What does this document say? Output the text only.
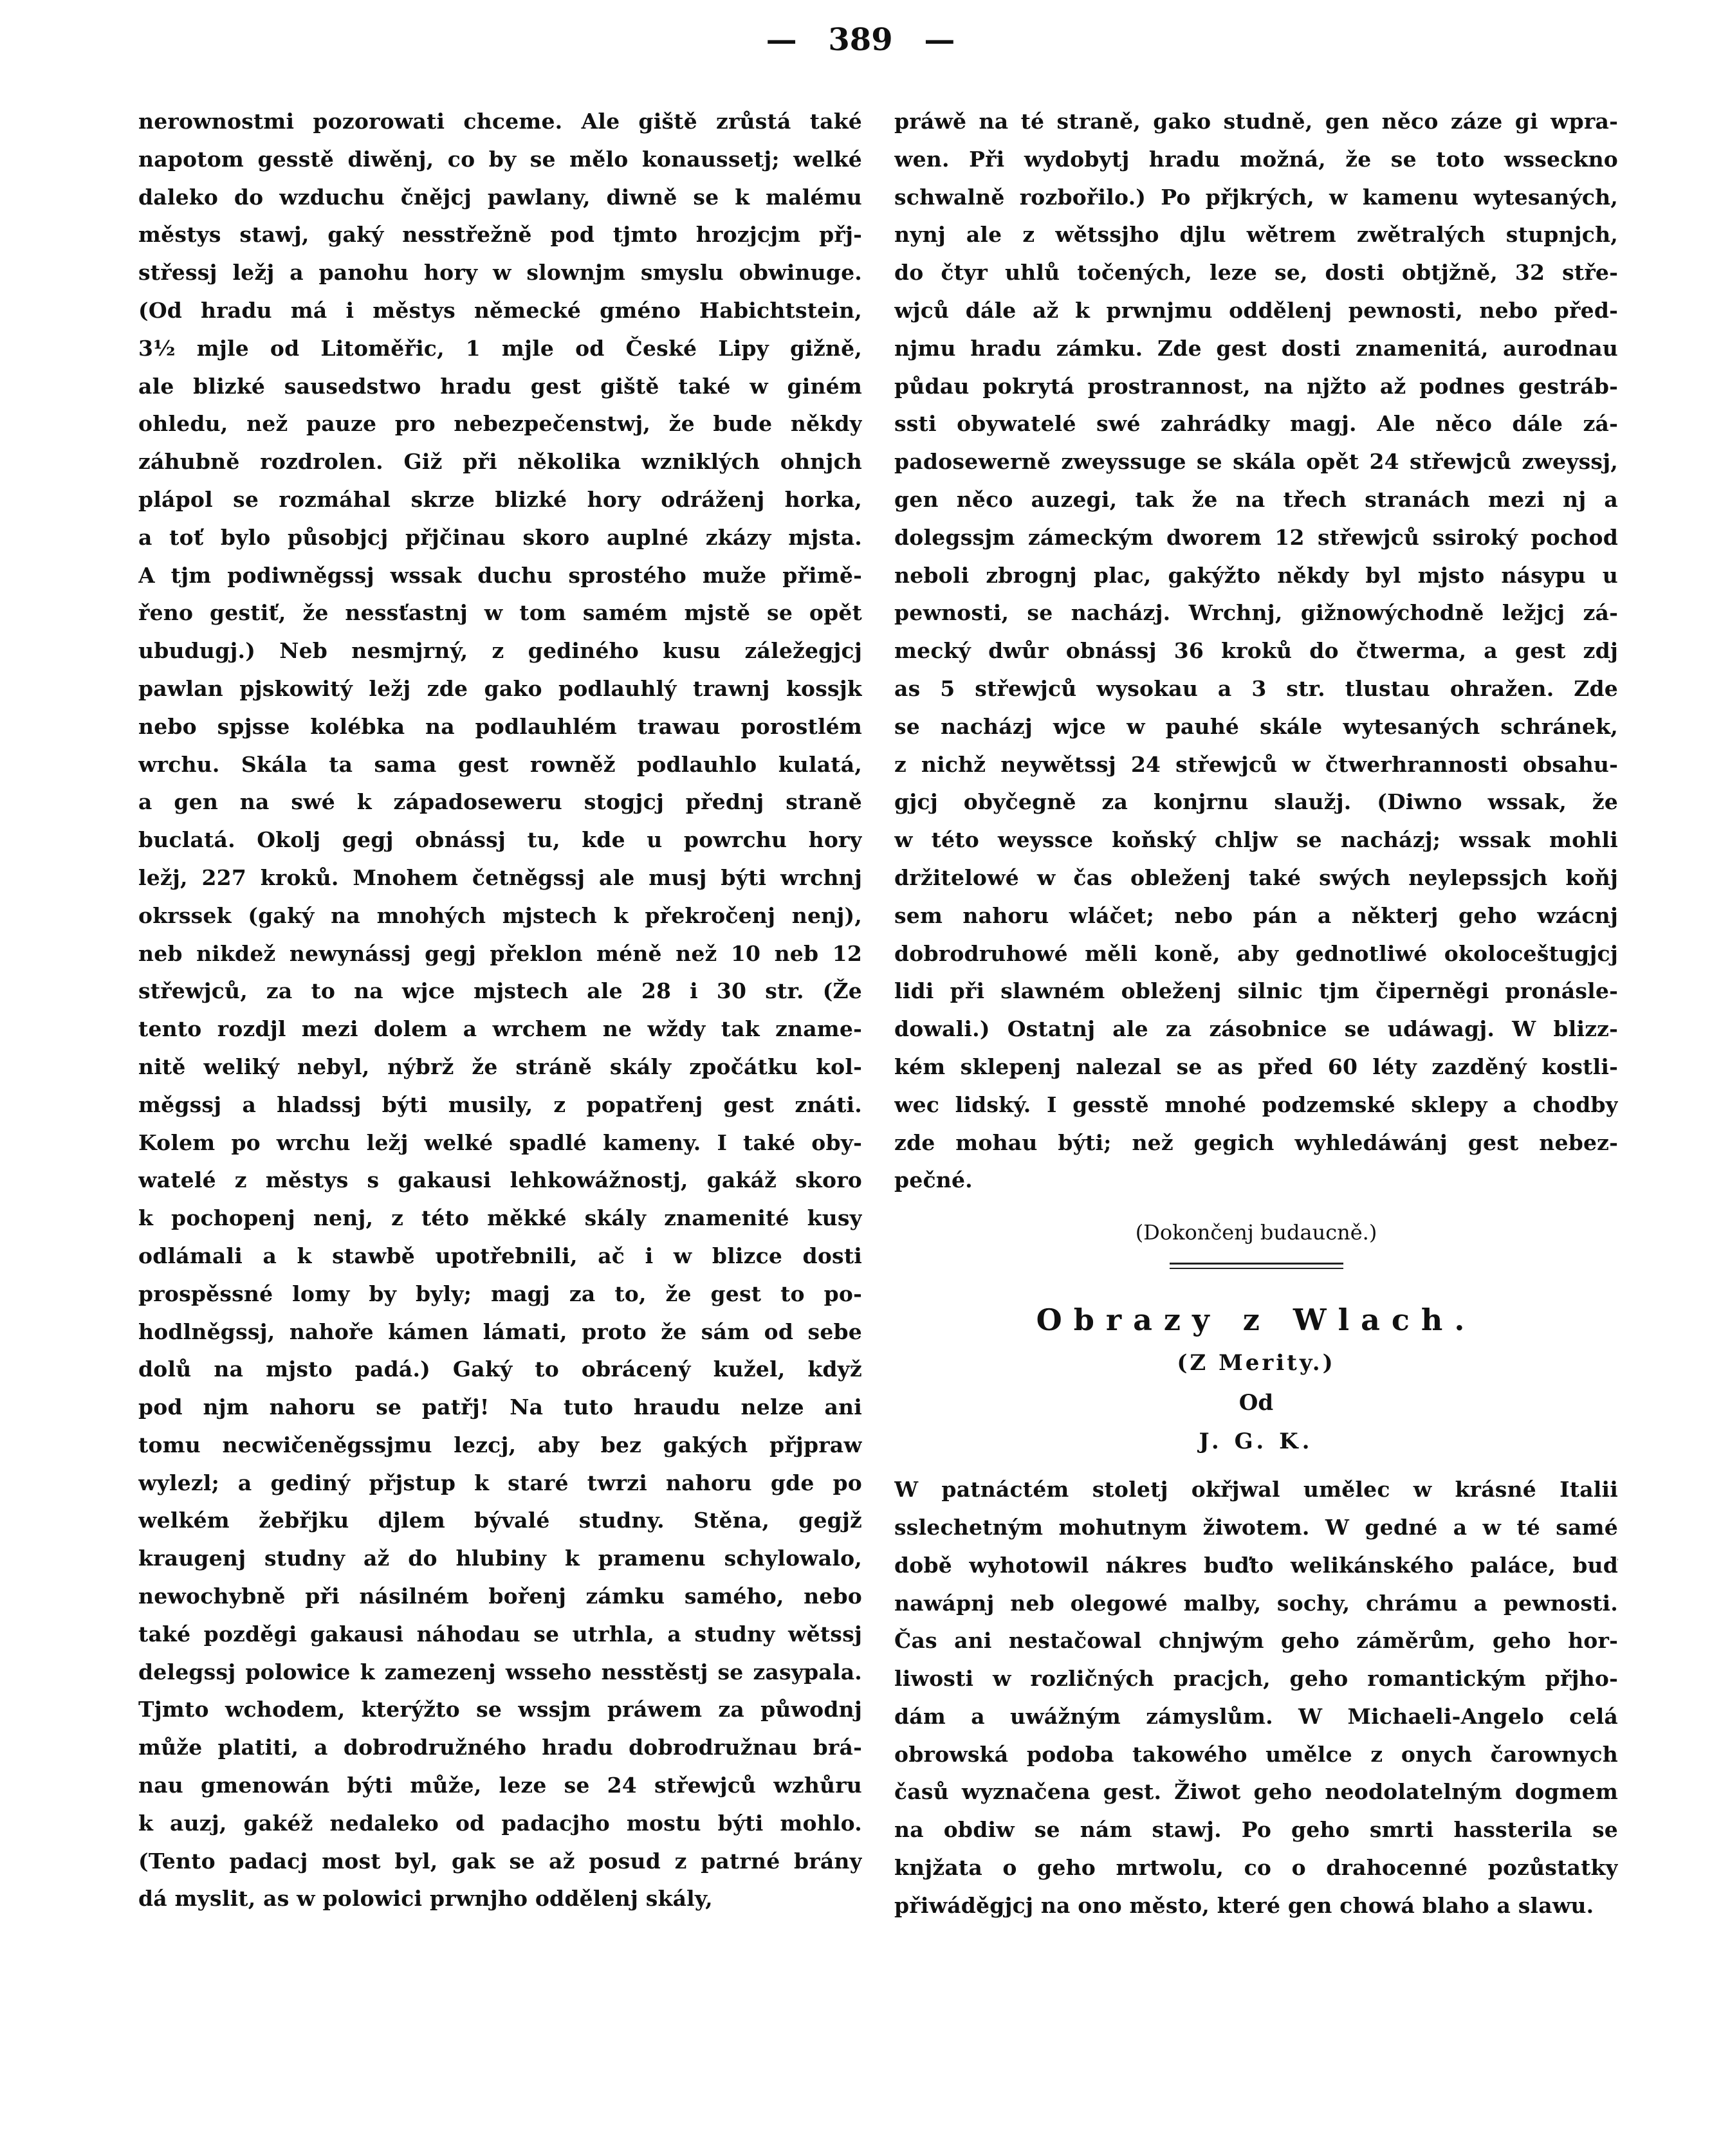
— 389 —

nerownostmi pozorowati chceme. Ale giště zrůstá také
napotom gesstě diwěnj, co by se mělo konaussetj; welké
daleko do wzduchu čnějcj pawlany, diwně se k malému
městys stawj, gaký nesstřežně pod tjmto hrozjcjm přj-
střessj ležj a panohu hory w slownjm smyslu obwinuge.
(Od hradu má i městys německé gméno Habichtstein,
3½ mjle od Litoměřic, 1 mjle od České Lipy gižně,
ale blizké sausedstwo hradu gest giště také w giném
ohledu, než pauze pro nebezpečenstwj, že bude někdy
záhubně rozdrolen. Giž při několika wzniklých ohnjch
plápol se rozmáhal skrze blizké hory odráženj horka,
a toť bylo působjcj přjčinau skoro auplné zkázy mjsta.
A tjm podiwněgssj wssak duchu sprostého muže přimě-
řeno gestiť, že nessťastnj w tom samém mjstě se opět
ubudugj.) Neb nesmjrný, z gediného kusu záležegjcj
pawlan pjskowitý ležj zde gako podlauhlý trawnj kossjk
nebo spjsse kolébka na podlauhlém trawau porostlém
wrchu. Skála ta sama gest rowněž podlauhlo kulatá,
a gen na swé k západoseweru stogjcj přednj straně
buclatá. Okolj gegj obnássj tu, kde u powrchu hory
ležj, 227 kroků. Mnohem četněgssj ale musj býti wrchnj
okrssek (gaký na mnohých mjstech k překročenj nenj),
neb nikdež newynássj gegj překlon méně než 10 neb 12
střewjců, za to na wjce mjstech ale 28 i 30 str. (Že
tento rozdjl mezi dolem a wrchem ne wždy tak zname-
nitě weliký nebyl, nýbrž že stráně skály zpočátku kol-
měgssj a hladssj býti musily, z popatřenj gest znáti.
Kolem po wrchu ležj welké spadlé kameny. I také oby-
watelé z městys s gakausi lehkowážnostj, gakáž skoro
k pochopenj nenj, z této měkké skály znamenité kusy
odlámali a k stawbě upotřebnili, ač i w blizce dosti
prospěssné lomy by byly; magj za to, že gest to po-
hodlněgssj, nahoře kámen lámati, proto že sám od sebe
dolů na mjsto padá.) Gaký to obrácený kužel, když
pod njm nahoru se patřj! Na tuto hraudu nelze ani
tomu necwičeněgssjmu lezcj, aby bez gakých přjpraw
wylezl; a gediný přjstup k staré twrzi nahoru gde po
welkém žebřjku djlem bývalé studny. Stěna, gegjž
kraugenj studny až do hlubiny k pramenu schylowalo,
newochybně při násilném bořenj zámku samého, nebo
také pozděgi gakausi náhodau se utrhla, a studny wětssj
delegssj polowice k zamezenj wsseho nesstěstj se zasypala.
Tjmto wchodem, kterýžto se wssjm práwem za půwodnj
může platiti, a dobrodružného hradu dobrodružnau brá-
nau gmenowán býti může, leze se 24 střewjců wzhůru
k auzj, gakéž nedaleko od padacjho mostu býti mohlo.
(Tento padacj most byl, gak se až posud z patrné brány
dá myslit, as w polowici prwnjho oddělenj skály,

práwě na té straně, gako studně, gen něco záze gi wpra-
wen. Při wydobytj hradu možná, že se toto wsseckno
schwalně rozbořilo.) Po přjkrých, w kamenu wytesaných,
nynj ale z wětssjho djlu wětrem zwětralých stupnjch,
do čtyr uhlů točených, leze se, dosti obtjžně, 32 stře-
wjců dále až k prwnjmu oddělenj pewnosti, nebo před-
njmu hradu zámku. Zde gest dosti znamenitá, aurodnau
půdau pokrytá prostrannost, na njžto až podnes gestráb-
ssti obywatelé swé zahrádky magj. Ale něco dále zá-
padosewerně zweyssuge se skála opět 24 střewjců zweyssj,
gen něco auzegi, tak že na třech stranách mezi nj a
dolegssjm zámeckým dworem 12 střewjců ssiroký pochod
neboli zbrognj plac, gakýžto někdy byl mjsto násypu u
pewnosti, se nacházj. Wrchnj, gižnowýchodně ležjcj zá-
mecký dwůr obnássj 36 kroků do čtwerma, a gest zdj
as 5 střewjců wysokau a 3 str. tlustau ohražen. Zde
se nacházj wjce w pauhé skále wytesaných schránek,
z nichž neywětssj 24 střewjců w čtwerhrannosti obsahu-
gjcj obyčegně za konjrnu slaužj. (Diwno wssak, že
w této weyssce koňský chljw se nacházj; wssak mohli
držitelowé w čas obleženj také swých neylepssjch koňj
sem nahoru wláčet; nebo pán a některj geho wzácnj
dobrodruhowé měli koně, aby gednotliwé okoloceštugjcj
lidi při slawném obleženj silnic tjm čiperněgi pronásle-
dowali.) Ostatnj ale za zásobnice se udáwagj. W blizz-
kém sklepenj nalezal se as před 60 léty zazděný kostli-
wec lidský. I gesstě mnohé podzemské sklepy a chodby
zde mohau býti; než gegich wyhledáwánj gest nebez-
pečné.

(Dokončenj budaucně.)
Obrazy z Wlach.
(Z Merity.)
Od
J. G. K.

W patnáctém stoletj okřjwal umělec w krásné Italii
sslechetným mohutnym žiwotem. W gedné a w té samé
době wyhotowil nákres buďto welikánského paláce, buď
nawápnj neb olegowé malby, sochy, chrámu a pewnosti.
Čas ani nestačowal chnjwým geho záměrům, geho hor-
liwosti w rozličných pracjch, geho romantickým přjho-
dám a uwážným zámyslům. W Michaeli-Angelo celá
obrowská podoba takowého umělce z onych čarownych
časů wyznačena gest. Žiwot geho neodolatelným dogmem
na obdiw se nám stawj. Po geho smrti hassterila se
knjžata o geho mrtwolu, co o drahocenné pozůstatky
přiwáděgjcj na ono město, které gen chowá blaho a slawu.
